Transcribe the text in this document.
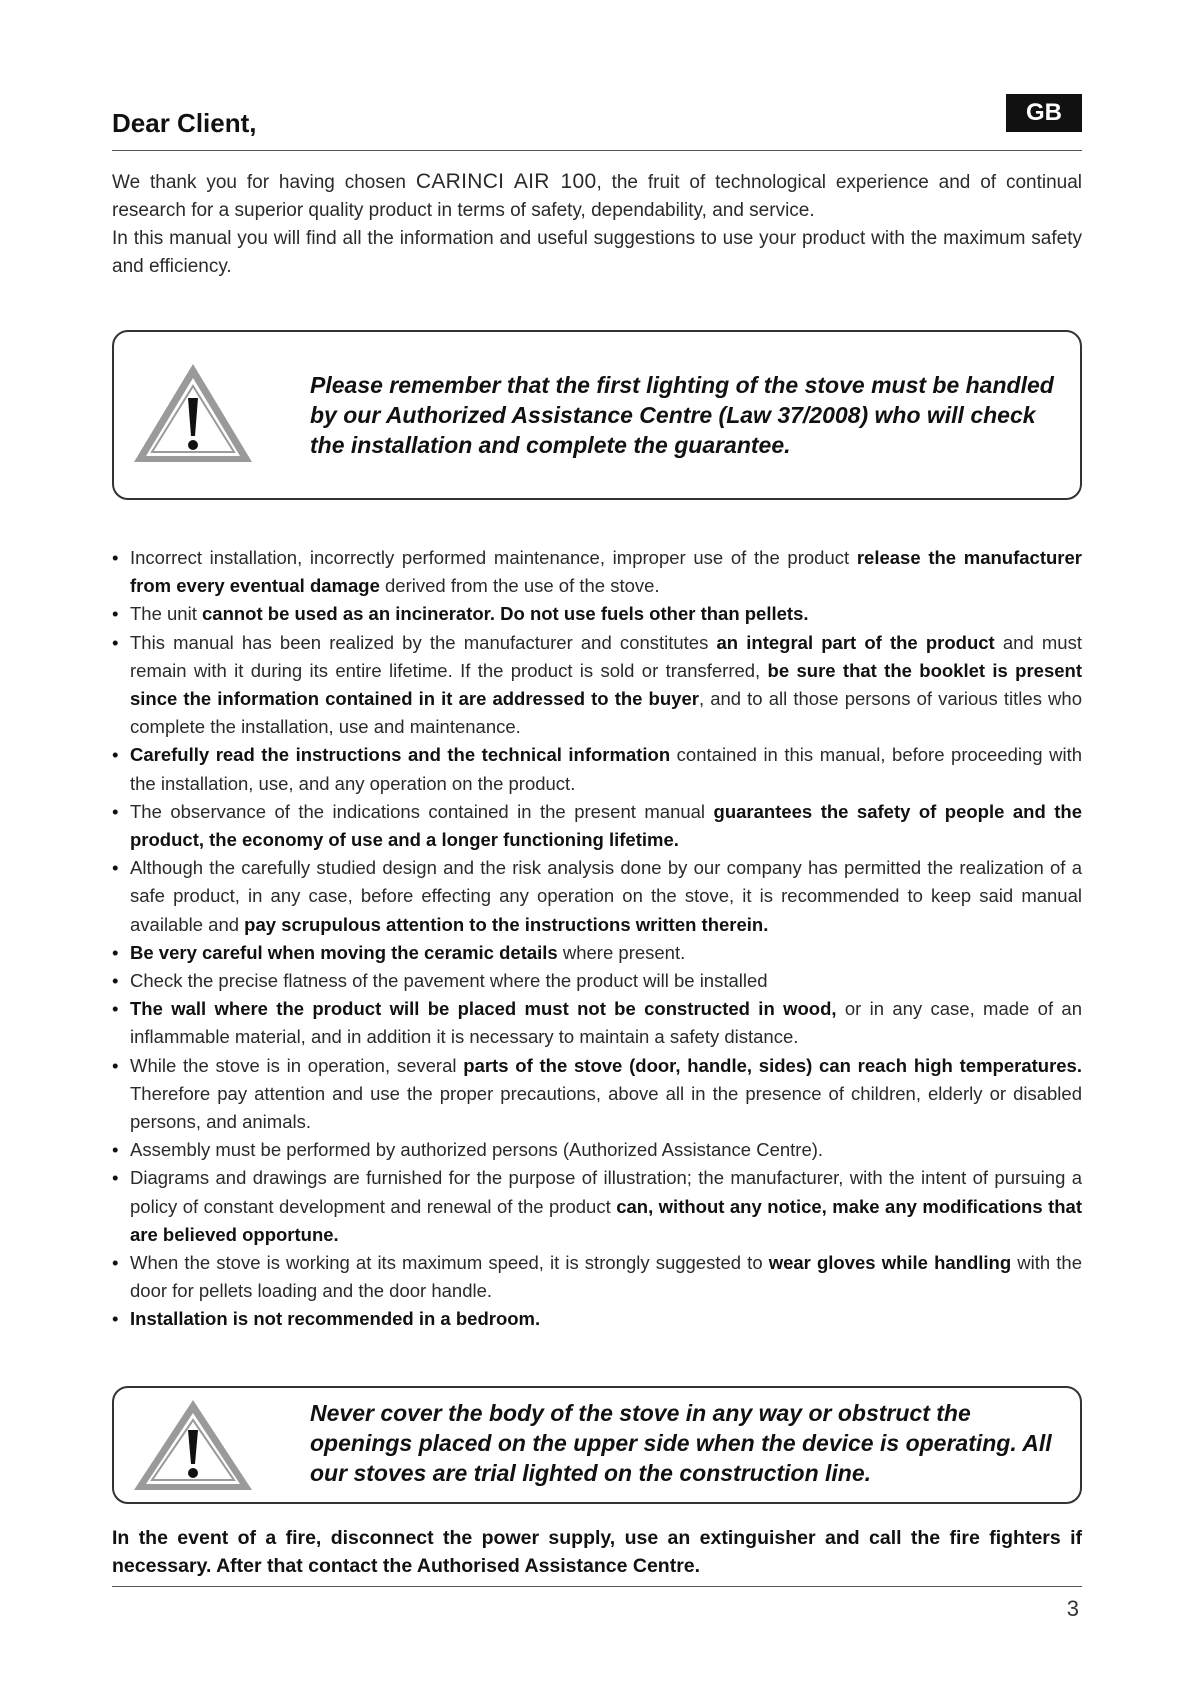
Dear Client,	GB

We thank you for having chosen CARINCI AIR 100, the fruit of technological experience and of continual research for a superior quality product in terms of safety, dependability, and service.

In this manual you will find all the information and useful suggestions to use your product with the maximum safety and efficiency.

Please remember that the first lighting of the stove must be handled by our Authorized Assistance Centre (Law 37/2008) who will check the installation and complete the guarantee.
• Incorrect installation, incorrectly performed maintenance, improper use of the product release the manufacturer from every eventual damage derived from the use of the stove.
• The unit cannot be used as an incinerator. Do not use fuels other than pellets.
• This manual has been realized by the manufacturer and constitutes an integral part of the product and must remain with it during its entire lifetime. If the product is sold or transferred, be sure that the booklet is present since the information contained in it are addressed to the buyer, and to all those persons of various titles who complete the installation, use and maintenance.
• Carefully read the instructions and the technical information contained in this manual, before proceeding with the installation, use, and any operation on the product.
• The observance of the indications contained in the present manual guarantees the safety of people and the product, the economy of use and a longer functioning lifetime.
• Although the carefully studied design and the risk analysis done by our company has permitted the realization of a safe product, in any case, before effecting any operation on the stove, it is recommended to keep said manual available and pay scrupulous attention to the instructions written therein.
• Be very careful when moving the ceramic details where present.
• Check the precise flatness of the pavement where the product will be installed
• The wall where the product will be placed must not be constructed in wood, or in any case, made of an inflammable material, and in addition it is necessary to maintain a safety distance.
• While the stove is in operation, several parts of the stove (door, handle, sides) can reach high temperatures. Therefore pay attention and use the proper precautions, above all in the presence of children, elderly or disabled persons, and animals.
• Assembly must be performed by authorized persons (Authorized Assistance Centre).
• Diagrams and drawings are furnished for the purpose of illustration; the manufacturer, with the intent of pursuing a policy of constant development and renewal of the product can, without any notice, make any modifications that are believed opportune.
• When the stove is working at its maximum speed, it is strongly suggested to wear gloves while handling with the door for pellets loading and the door handle.
• Installation is not recommended in a bedroom.
Never cover the body of the stove in any way or obstruct the openings placed on the upper side when the device is operating. All our stoves are trial lighted on the construction line.
In the event of a fire, disconnect the power supply, use an extinguisher and call the fire fighters if necessary. After that contact the Authorised Assistance Centre.
3
